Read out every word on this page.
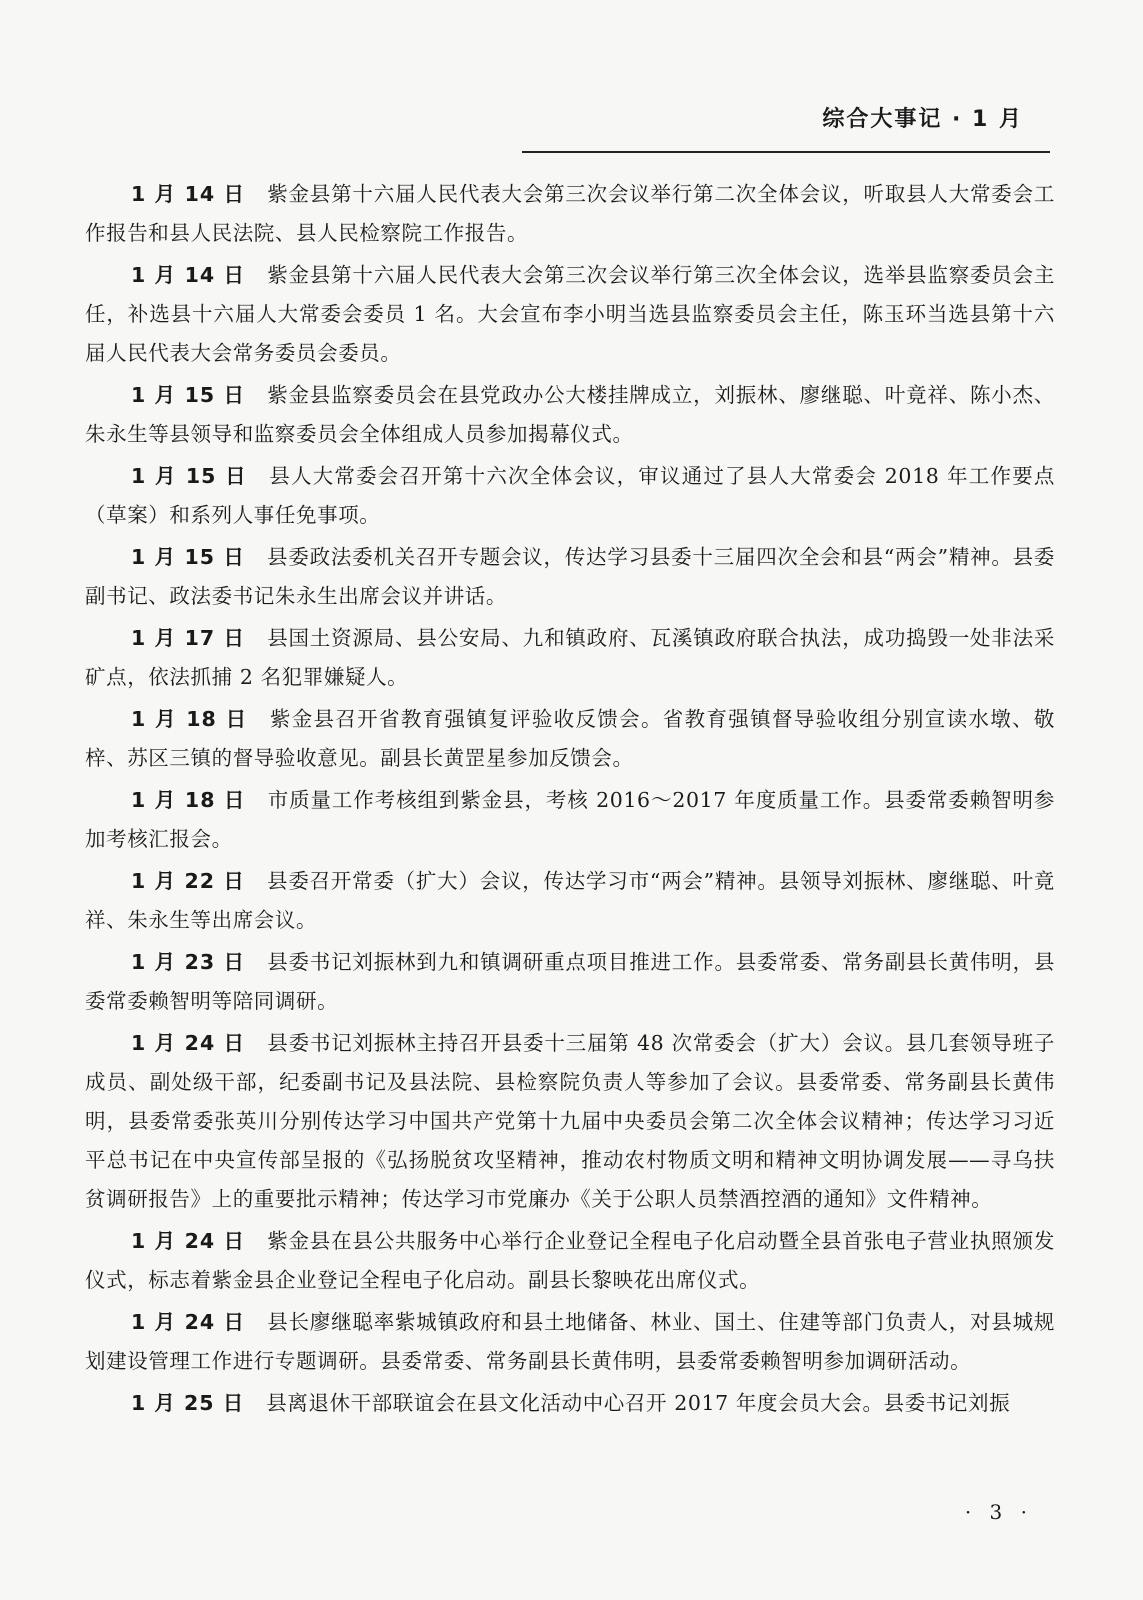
综合大事记 · 1 月

1 月 14 日 紫金县第十六届人民代表大会第三次会议举行第二次全体会议，听取县人大常委会工作报告和县人民法院、县人民检察院工作报告。

1 月 14 日 紫金县第十六届人民代表大会第三次会议举行第三次全体会议，选举县监察委员会主任，补选县十六届人大常委会委员 1 名。大会宣布李小明当选县监察委员会主任，陈玉环当选县第十六届人民代表大会常务委员会委员。

1 月 15 日 紫金县监察委员会在县党政办公大楼挂牌成立，刘振林、廖继聪、叶竟祥、陈小杰、朱永生等县领导和监察委员会全体组成人员参加揭幕仪式。

1 月 15 日 县人大常委会召开第十六次全体会议，审议通过了县人大常委会 2018 年工作要点（草案）和系列人事任免事项。

1 月 15 日 县委政法委机关召开专题会议，传达学习县委十三届四次全会和县“两会”精神。县委副书记、政法委书记朱永生出席会议并讲话。

1 月 17 日 县国土资源局、县公安局、九和镇政府、瓦溪镇政府联合执法，成功捣毁一处非法采矿点，依法抓捕 2 名犯罪嫌疑人。

1 月 18 日 紫金县召开省教育强镇复评验收反馈会。省教育强镇督导验收组分别宣读水墩、敬梓、苏区三镇的督导验收意见。副县长黄罡星参加反馈会。

1 月 18 日 市质量工作考核组到紫金县，考核 2016～2017 年度质量工作。县委常委赖智明参加考核汇报会。

1 月 22 日 县委召开常委（扩大）会议，传达学习市“两会”精神。县领导刘振林、廖继聪、叶竟祥、朱永生等出席会议。

1 月 23 日 县委书记刘振林到九和镇调研重点项目推进工作。县委常委、常务副县长黄伟明，县委常委赖智明等陪同调研。

1 月 24 日 县委书记刘振林主持召开县委十三届第 48 次常委会（扩大）会议。县几套领导班子成员、副处级干部，纪委副书记及县法院、县检察院负责人等参加了会议。县委常委、常务副县长黄伟明，县委常委张英川分别传达学习中国共产党第十九届中央委员会第二次全体会议精神；传达学习习近平总书记在中央宣传部呈报的《弘扬脱贫攻坚精神，推动农村物质文明和精神文明协调发展——寻乌扶贫调研报告》上的重要批示精神；传达学习市党廉办《关于公职人员禁酒控酒的通知》文件精神。

1 月 24 日 紫金县在县公共服务中心举行企业登记全程电子化启动暨全县首张电子营业执照颁发仪式，标志着紫金县企业登记全程电子化启动。副县长黎映花出席仪式。

1 月 24 日 县长廖继聪率紫城镇政府和县土地储备、林业、国土、住建等部门负责人，对县城规划建设管理工作进行专题调研。县委常委、常务副县长黄伟明，县委常委赖智明参加调研活动。

1 月 25 日 县离退休干部联谊会在县文化活动中心召开 2017 年度会员大会。县委书记刘振

· 3 ·
